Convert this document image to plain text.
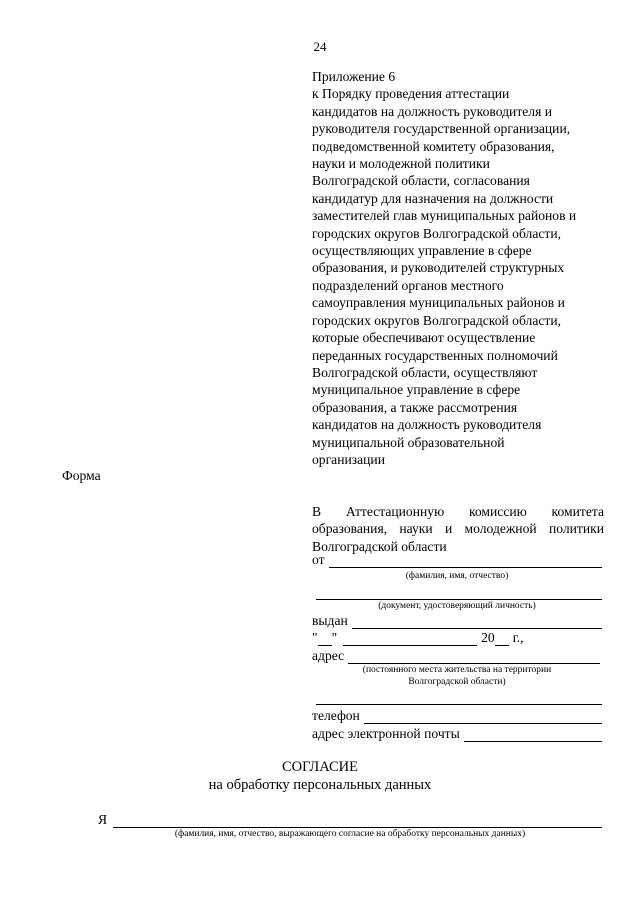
24
Приложение 6
к Порядку проведения аттестации
кандидатов на должность руководителя и
руководителя государственной организации,
подведомственной комитету образования,
науки и молодежной политики
Волгоградской области, согласования
кандидатур для назначения на должности
заместителей глав муниципальных районов и
городских округов Волгоградской области,
осуществляющих управление в сфере
образования, и руководителей структурных
подразделений органов местного
самоуправления муниципальных районов и
городских округов Волгоградской области,
которые обеспечивают осуществление
переданных государственных полномочий
Волгоградской области, осуществляют
муниципальное управление в сфере
образования, а также рассмотрения
кандидатов на должность руководителя
муниципальной образовательной
организации
Форма
В Аттестационную комиссию комитета
образования, науки и молодежной политики
Волгоградской области
от
(фамилия, имя, отчество)
(документ, удостоверяющий личность)
выдан
" "	20 г.,
адрес
(постоянного места жительства на территории
Волгоградской области)
телефон
адрес электронной почты
СОГЛАСИЕ
на обработку персональных данных
Я
(фамилия, имя, отчество, выражающего согласие на обработку персональных данных)
